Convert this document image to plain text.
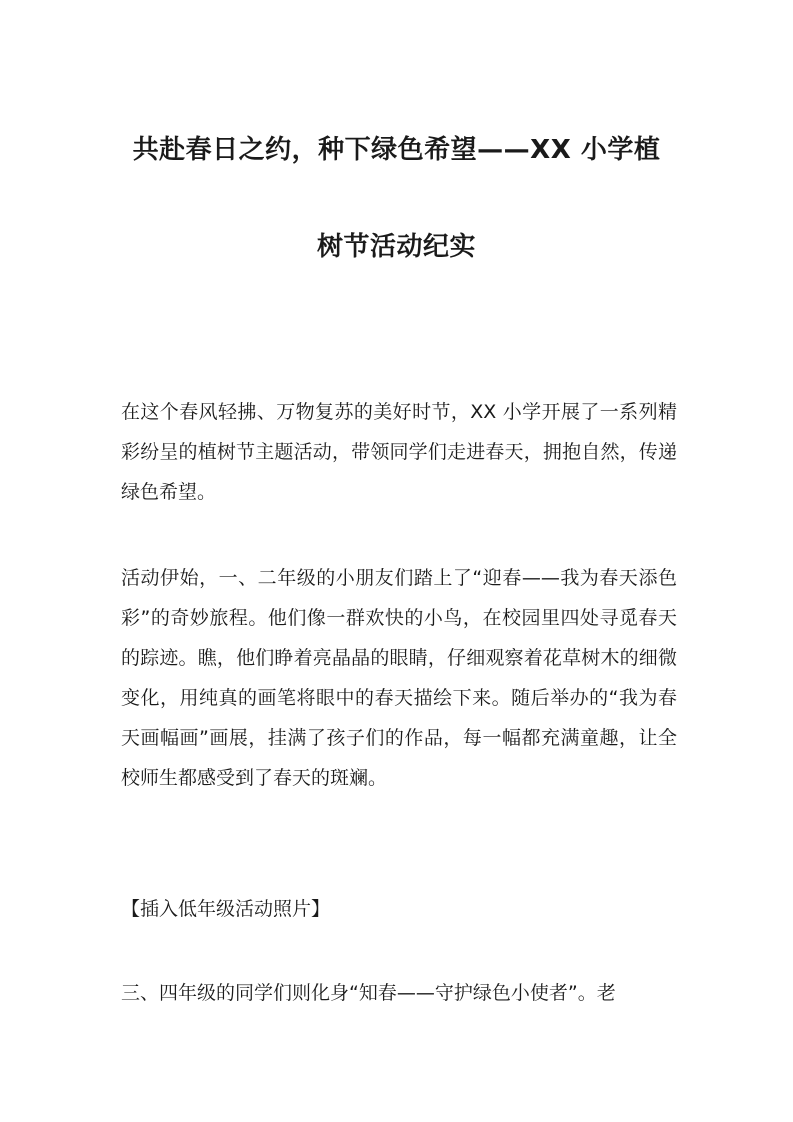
共赴春日之约，种下绿色希望——XX 小学植
树节活动纪实
在这个春风轻拂、万物复苏的美好时节，XX 小学开展了一系列精彩纷呈的植树节主题活动，带领同学们走进春天，拥抱自然，传递绿色希望。
活动伊始，一、二年级的小朋友们踏上了“迎春——我为春天添色彩”的奇妙旅程。他们像一群欢快的小鸟，在校园里四处寻觅春天的踪迹。瞧，他们睁着亮晶晶的眼睛，仔细观察着花草树木的细微变化，用纯真的画笔将眼中的春天描绘下来。随后举办的“我为春天画幅画”画展，挂满了孩子们的作品，每一幅都充满童趣，让全校师生都感受到了春天的斑斓。
【插入低年级活动照片】
三、四年级的同学们则化身“知春——守护绿色小使者”。老
